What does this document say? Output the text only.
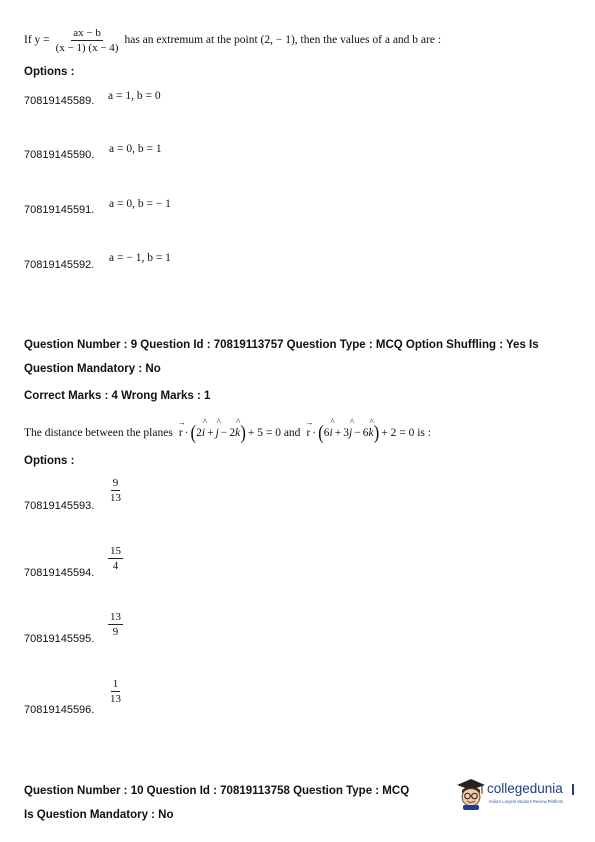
If $y = \frac{ax - b}{(x - 1) (x - 4)}$ has an extremum at the point (2, − 1), then the values of a and b are :
Options :
70819145589. a = 1, b = 0
70819145590. a = 0, b = 1
70819145591. a = 0, b = − 1
70819145592.
a = − 1, b = 1
Question Number : 9 Question Id : 70819113757 Question Type : MCQ Option Shuffling : Yes Is
Question Mandatory : No
Correct Marks : 4 Wrong Marks : 1
The distance between the planes
→
r · ( 2
^
i +
^
j − 2
^
k ) + 5 = 0 and
→
r · ( 6
^
i + 3
^
j − 6
^
k ) + 2 = 0 is :
Options :
70819145593.
$\frac{9}{13}$
70819145594.
$\frac{15}{4}$
70819145595.
$\frac{13}{9}$
70819145596.
$\frac{1}{13}$
Question Number : 10 Question Id : 70819113758 Question Type : MCQ
Is Question Mandatory : No
collegedunia
India's Largest Student Review Platform
